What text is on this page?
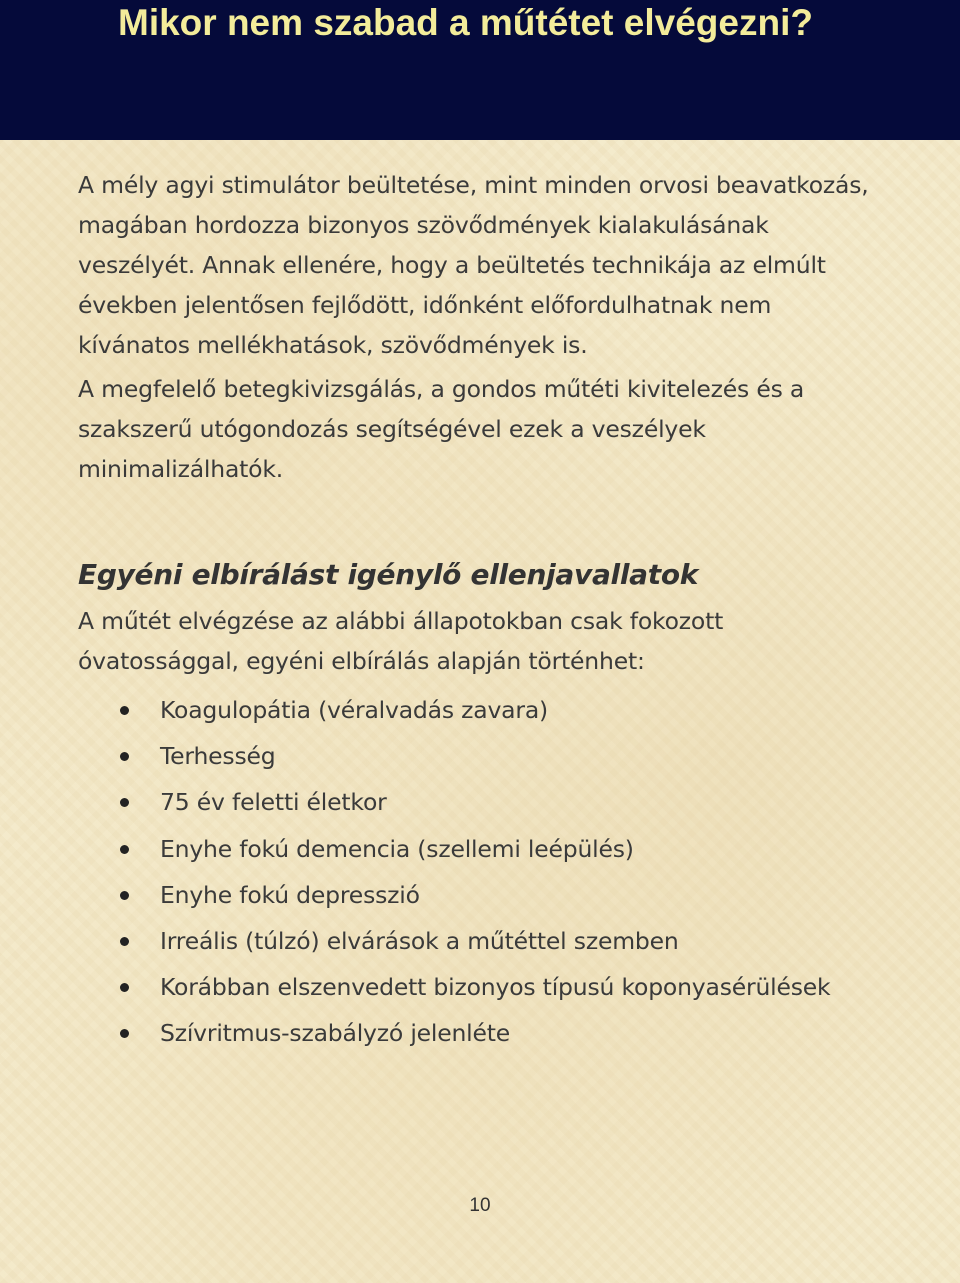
Mikor nem szabad a műtétet elvégezni?

A mély agyi stimulátor beültetése, mint minden orvosi beavatkozás, magában hordozza bizonyos szövődmények kialakulásának veszélyét. Annak ellenére, hogy a beültetés technikája az elmúlt években jelentősen fejlődött, időnként előfordulhatnak nem kívánatos mellékhatások, szövődmények is.

A megfelelő betegkivizsgálás, a gondos műtéti kivitelezés és a szakszerű utógondozás segítségével ezek a veszélyek minimalizálhatók.

Egyéni elbírálást igénylő ellenjavallatok

A műtét elvégzése az alábbi állapotokban csak fokozott óvatossággal, egyéni elbírálás alapján történhet:

Koagulopátia (véralvadás zavara)
Terhesség
75 év feletti életkor
Enyhe fokú demencia (szellemi leépülés)
Enyhe fokú depresszió
Irreális (túlzó) elvárások a műtéttel szemben
Korábban elszenvedett bizonyos típusú koponyasérülések
Szívritmus-szabályzó jelenléte
10
